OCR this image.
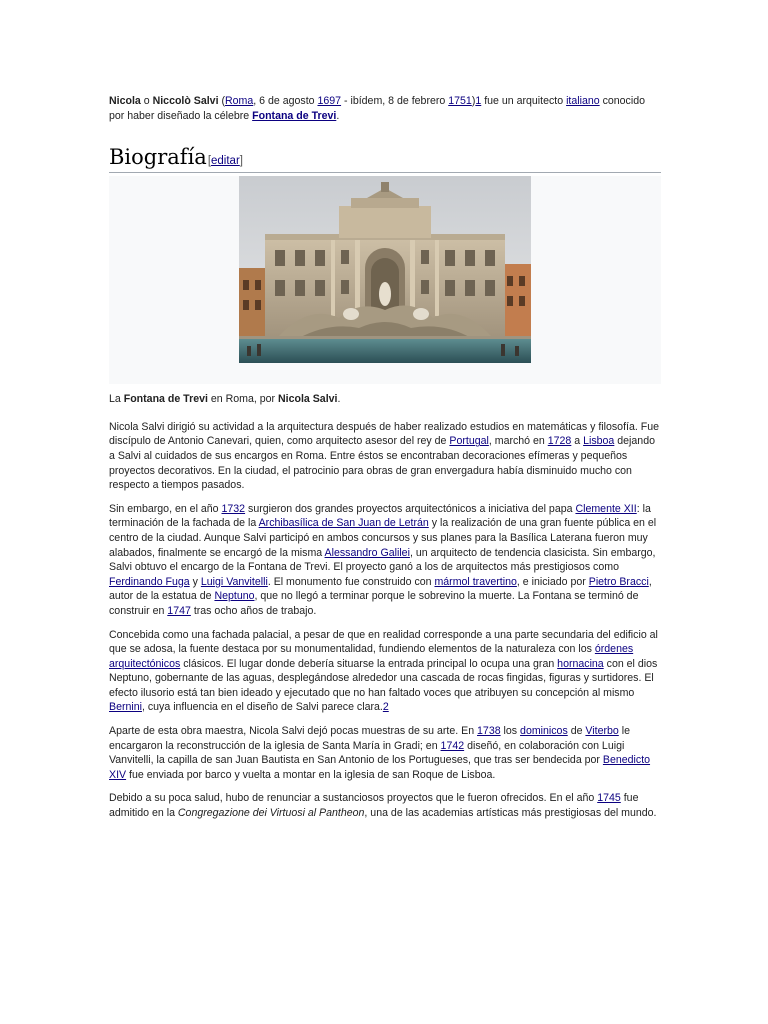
Nicola o Niccolò Salvi (Roma, 6 de agosto 1697 - ibídem, 8 de febrero 1751)1 fue un arquitecto italiano conocido por haber diseñado la célebre Fontana de Trevi.

Biografía [editar]

La Fontana de Trevi en Roma, por Nicola Salvi.

Nicola Salvi dirigió su actividad a la arquitectura después de haber realizado estudios en matemáticas y filosofía. Fue discípulo de Antonio Canevari, quien, como arquitecto asesor del rey de Portugal, marchó en 1728 a Lisboa dejando a Salvi al cuidados de sus encargos en Roma. Entre éstos se encontraban decoraciones efímeras y pequeños proyectos decorativos. En la ciudad, el patrocinio para obras de gran envergadura había disminuido mucho con respecto a tiempos pasados.

Sin embargo, en el año 1732 surgieron dos grandes proyectos arquitectónicos a iniciativa del papa Clemente XII: la terminación de la fachada de la Archibasílica de San Juan de Letrán y la realización de una gran fuente pública en el centro de la ciudad. Aunque Salvi participó en ambos concursos y sus planes para la Basílica Laterana fueron muy alabados, finalmente se encargó de la misma Alessandro Galilei, un arquitecto de tendencia clasicista. Sin embargo, Salvi obtuvo el encargo de la Fontana de Trevi. El proyecto ganó a los de arquitectos más prestigiosos como Ferdinando Fuga y Luigi Vanvitelli. El monumento fue construido con mármol travertino, e iniciado por Pietro Bracci, autor de la estatua de Neptuno, que no llegó a terminar porque le sobrevino la muerte. La Fontana se terminó de construir en 1747 tras ocho años de trabajo.

Concebida como una fachada palacial, a pesar de que en realidad corresponde a una parte secundaria del edificio al que se adosa, la fuente destaca por su monumentalidad, fundiendo elementos de la naturaleza con los órdenes arquitectónicos clásicos. El lugar donde debería situarse la entrada principal lo ocupa una gran hornacina con el dios Neptuno, gobernante de las aguas, desplegándose alrededor una cascada de rocas fingidas, figuras y surtidores. El efecto ilusorio está tan bien ideado y ejecutado que no han faltado voces que atribuyen su concepción al mismo Bernini, cuya influencia en el diseño de Salvi parece clara.2

Aparte de esta obra maestra, Nicola Salvi dejó pocas muestras de su arte. En 1738 los dominicos de Viterbo le encargaron la reconstrucción de la iglesia de Santa María in Gradi; en 1742 diseñó, en colaboración con Luigi Vanvitelli, la capilla de san Juan Bautista en San Antonio de los Portugueses, que tras ser bendecida por Benedicto XIV fue enviada por barco y vuelta a montar en la iglesia de san Roque de Lisboa.

Debido a su poca salud, hubo de renunciar a sustanciosos proyectos que le fueron ofrecidos. En el año 1745 fue admitido en la Congregazione dei Virtuosi al Pantheon, una de las academias artísticas más prestigiosas del mundo.
